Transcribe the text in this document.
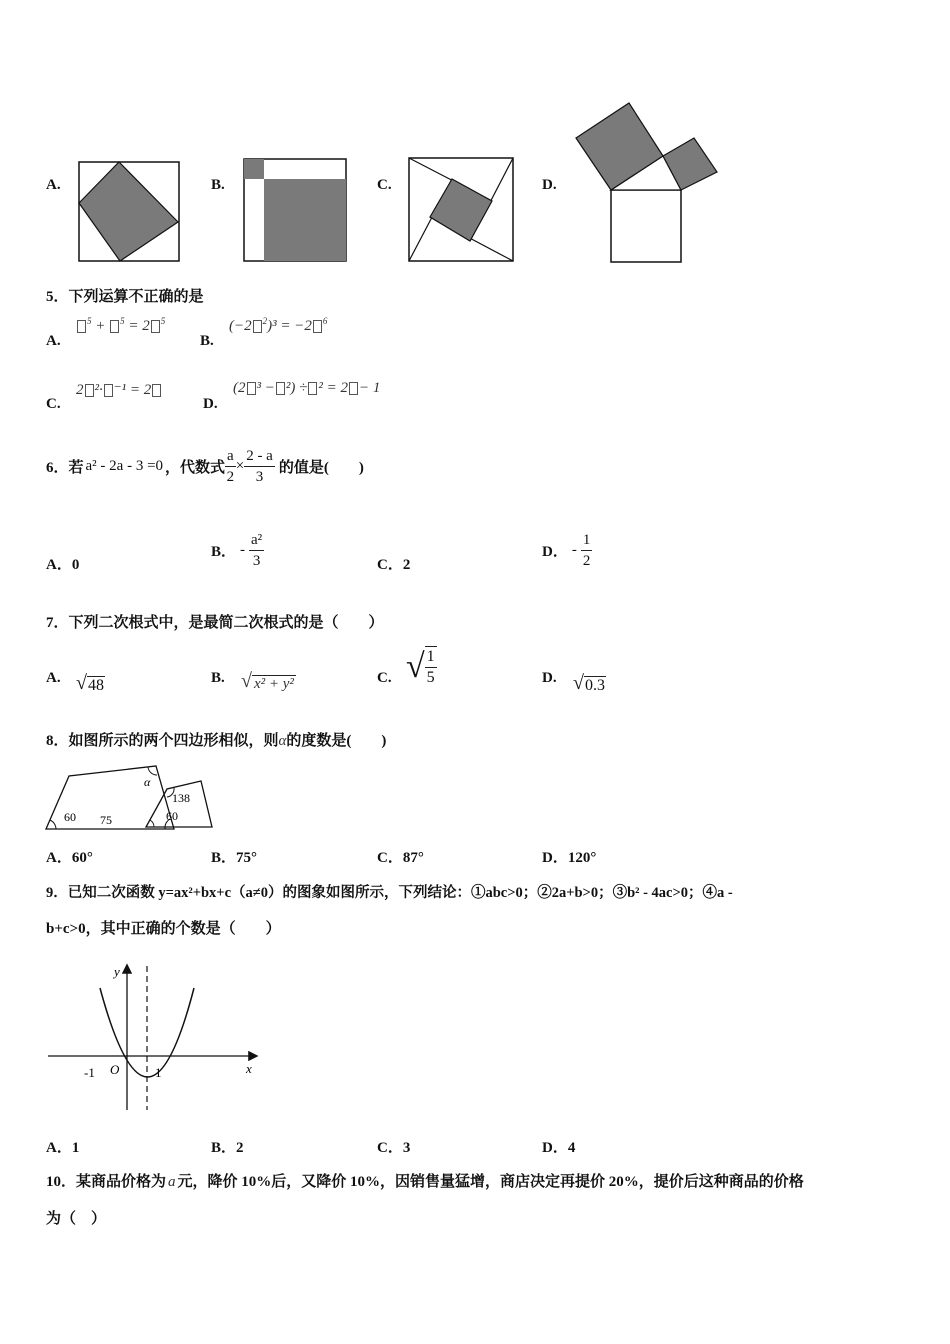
A.	B.	C.	D.
5．下列运算不正确的是
A.
$^5$ + $^5$ = 2 $^5$
B.
(−2 $^2$)³ = −2 $^6$
C.
2 ²· ⁻¹ = 2
D.
(2 ³ − ²) ÷ ² = 2 − 1
6．若 a² - 2a - 3 =0 ，代数式 $\frac{a}{2} \times \frac{2 - a}{3}$ 的值是(　　)
A．0
B． - $\frac{\text{a²}}{3}$	C．2
D． - $\frac{1}{2}$
7．下列二次根式中，是最简二次根式的是（　　）
A. √ 48	B. √ x² + y²	C. √ $\frac{1}{5}$	D. √ 0.3
8．如图所示的两个四边形相似，则α的度数是(　　)
α
60 75
138
60
A．60°	B．75°	C．87°	D．120°
9．已知二次函数 y=ax²+bx+c（a≠0）的图象如图所示，下列结论：①abc>0；②2a+b>0；③b² - 4ac>0；④a -
b+c>0，其中正确的个数是（　　）
y
x
O
-1	1
A．1	B．2	C．3	D．4
10．某商品价格为 a 元，降价 10%后，又降价 10%，因销售量猛增，商店决定再提价 20%，提价后这种商品的价格
为（　）
